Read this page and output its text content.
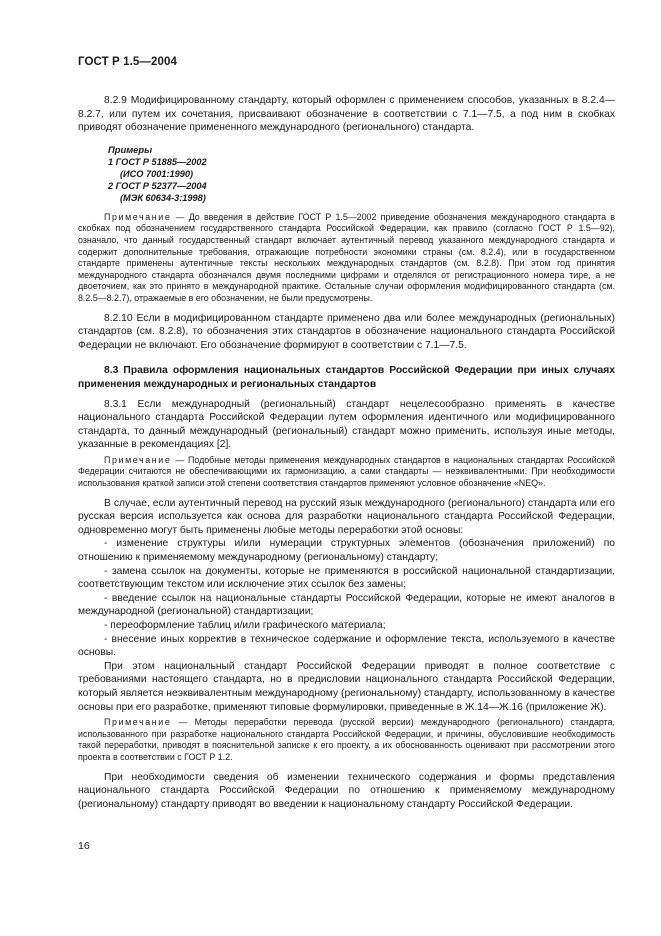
ГОСТ Р 1.5—2004

8.2.9 Модифицированному стандарту, который оформлен с применением способов, указанных в 8.2.4—8.2.7, или путем их сочетания, присваивают обозначение в соответствии с 7.1—7.5, а под ним в скобках приводят обозначение примененного международного (регионального) стандарта.

Примеры
1 ГОСТ Р 51885—2002
(ИСО 7001:1990)
2 ГОСТ Р 52377—2004
(МЭК 60634-3:1998)

Примечание — До введения в действие ГОСТ Р 1.5—2002 приведение обозначения международного стандарта в скобках под обозначением государственного стандарта Российской Федерации, как правило (согласно ГОСТ Р 1.5—92), означало, что данный государственный стандарт включает аутентичный перевод указанного международного стандарта и содержит дополнительные требования, отражающие потребности экономики страны (см. 8.2.4), или в государственном стандарте применены аутентичные тексты нескольких международных стандартов (см. 8.2.8). При этом год принятия международного стандарта обозначался двумя последними цифрами и отделялся от регистрационного номера тире, а не двоеточием, как это принято в международной практике. Остальные случаи оформления модифицированного стандарта (см. 8.2.5—8.2.7), отражаемые в его обозначении, не были предусмотрены.

8.2.10 Если в модифицированном стандарте применено два или более международных (региональных) стандартов (см. 8.2.8), то обозначения этих стандартов в обозначение национального стандарта Российской Федерации не включают. Его обозначение формируют в соответствии с 7.1—7.5.

8.3 Правила оформления национальных стандартов Российской Федерации при иных случаях применения международных и региональных стандартов

8.3.1 Если международный (региональный) стандарт нецелесообразно применять в качестве национального стандарта Российской Федерации путем оформления идентичного или модифицированного стандарта, то данный международный (региональный) стандарт можно применить, используя иные методы, указанные в рекомендациях [2].

Примечание — Подобные методы применения международных стандартов в национальных стандартах Российской Федерации считаются не обеспечивающими их гармонизацию, а сами стандарты — неэквивалентными. При необходимости использования краткой записи этой степени соответствия стандартов применяют условное обозначение «NEQ».

В случае, если аутентичный перевод на русский язык международного (регионального) стандарта или его русская версия используется как основа для разработки национального стандарта Российской Федерации, одновременно могут быть применены любые методы переработки этой основы:

- изменение структуры и/или нумерации структурных элементов (обозначения приложений) по отношению к применяемому международному (региональному) стандарту;

- замена ссылок на документы, которые не применяются в российской национальной стандартизации, соответствующим текстом или исключение этих ссылок без замены;

- введение ссылок на национальные стандарты Российской Федерации, которые не имеют аналогов в международной (региональной) стандартизации;

- переоформление таблиц и/или графического материала;

- внесение иных корректив в техническое содержание и оформление текста, используемого в качестве основы.

При этом национальный стандарт Российской Федерации приводят в полное соответствие с требованиями настоящего стандарта, но в предисловии национального стандарта Российской Федерации, который является неэквивалентным международному (региональному) стандарту, использованному в качестве основы при его разработке, применяют типовые формулировки, приведенные в Ж.14—Ж.16 (приложение Ж).

Примечание — Методы переработки перевода (русской версии) международного (регионального) стандарта, использованного при разработке национального стандарта Российской Федерации, и причины, обусловившие необходимость такой переработки, приводят в пояснительной записке к его проекту, а их обоснованность оценивают при рассмотрении этого проекта в соответствии с ГОСТ Р 1.2.

При необходимости сведения об изменении технического содержания и формы представления национального стандарта Российской Федерации по отношению к применяемому международному (региональному) стандарту приводят во введении к национальному стандарту Российской Федерации.

16
